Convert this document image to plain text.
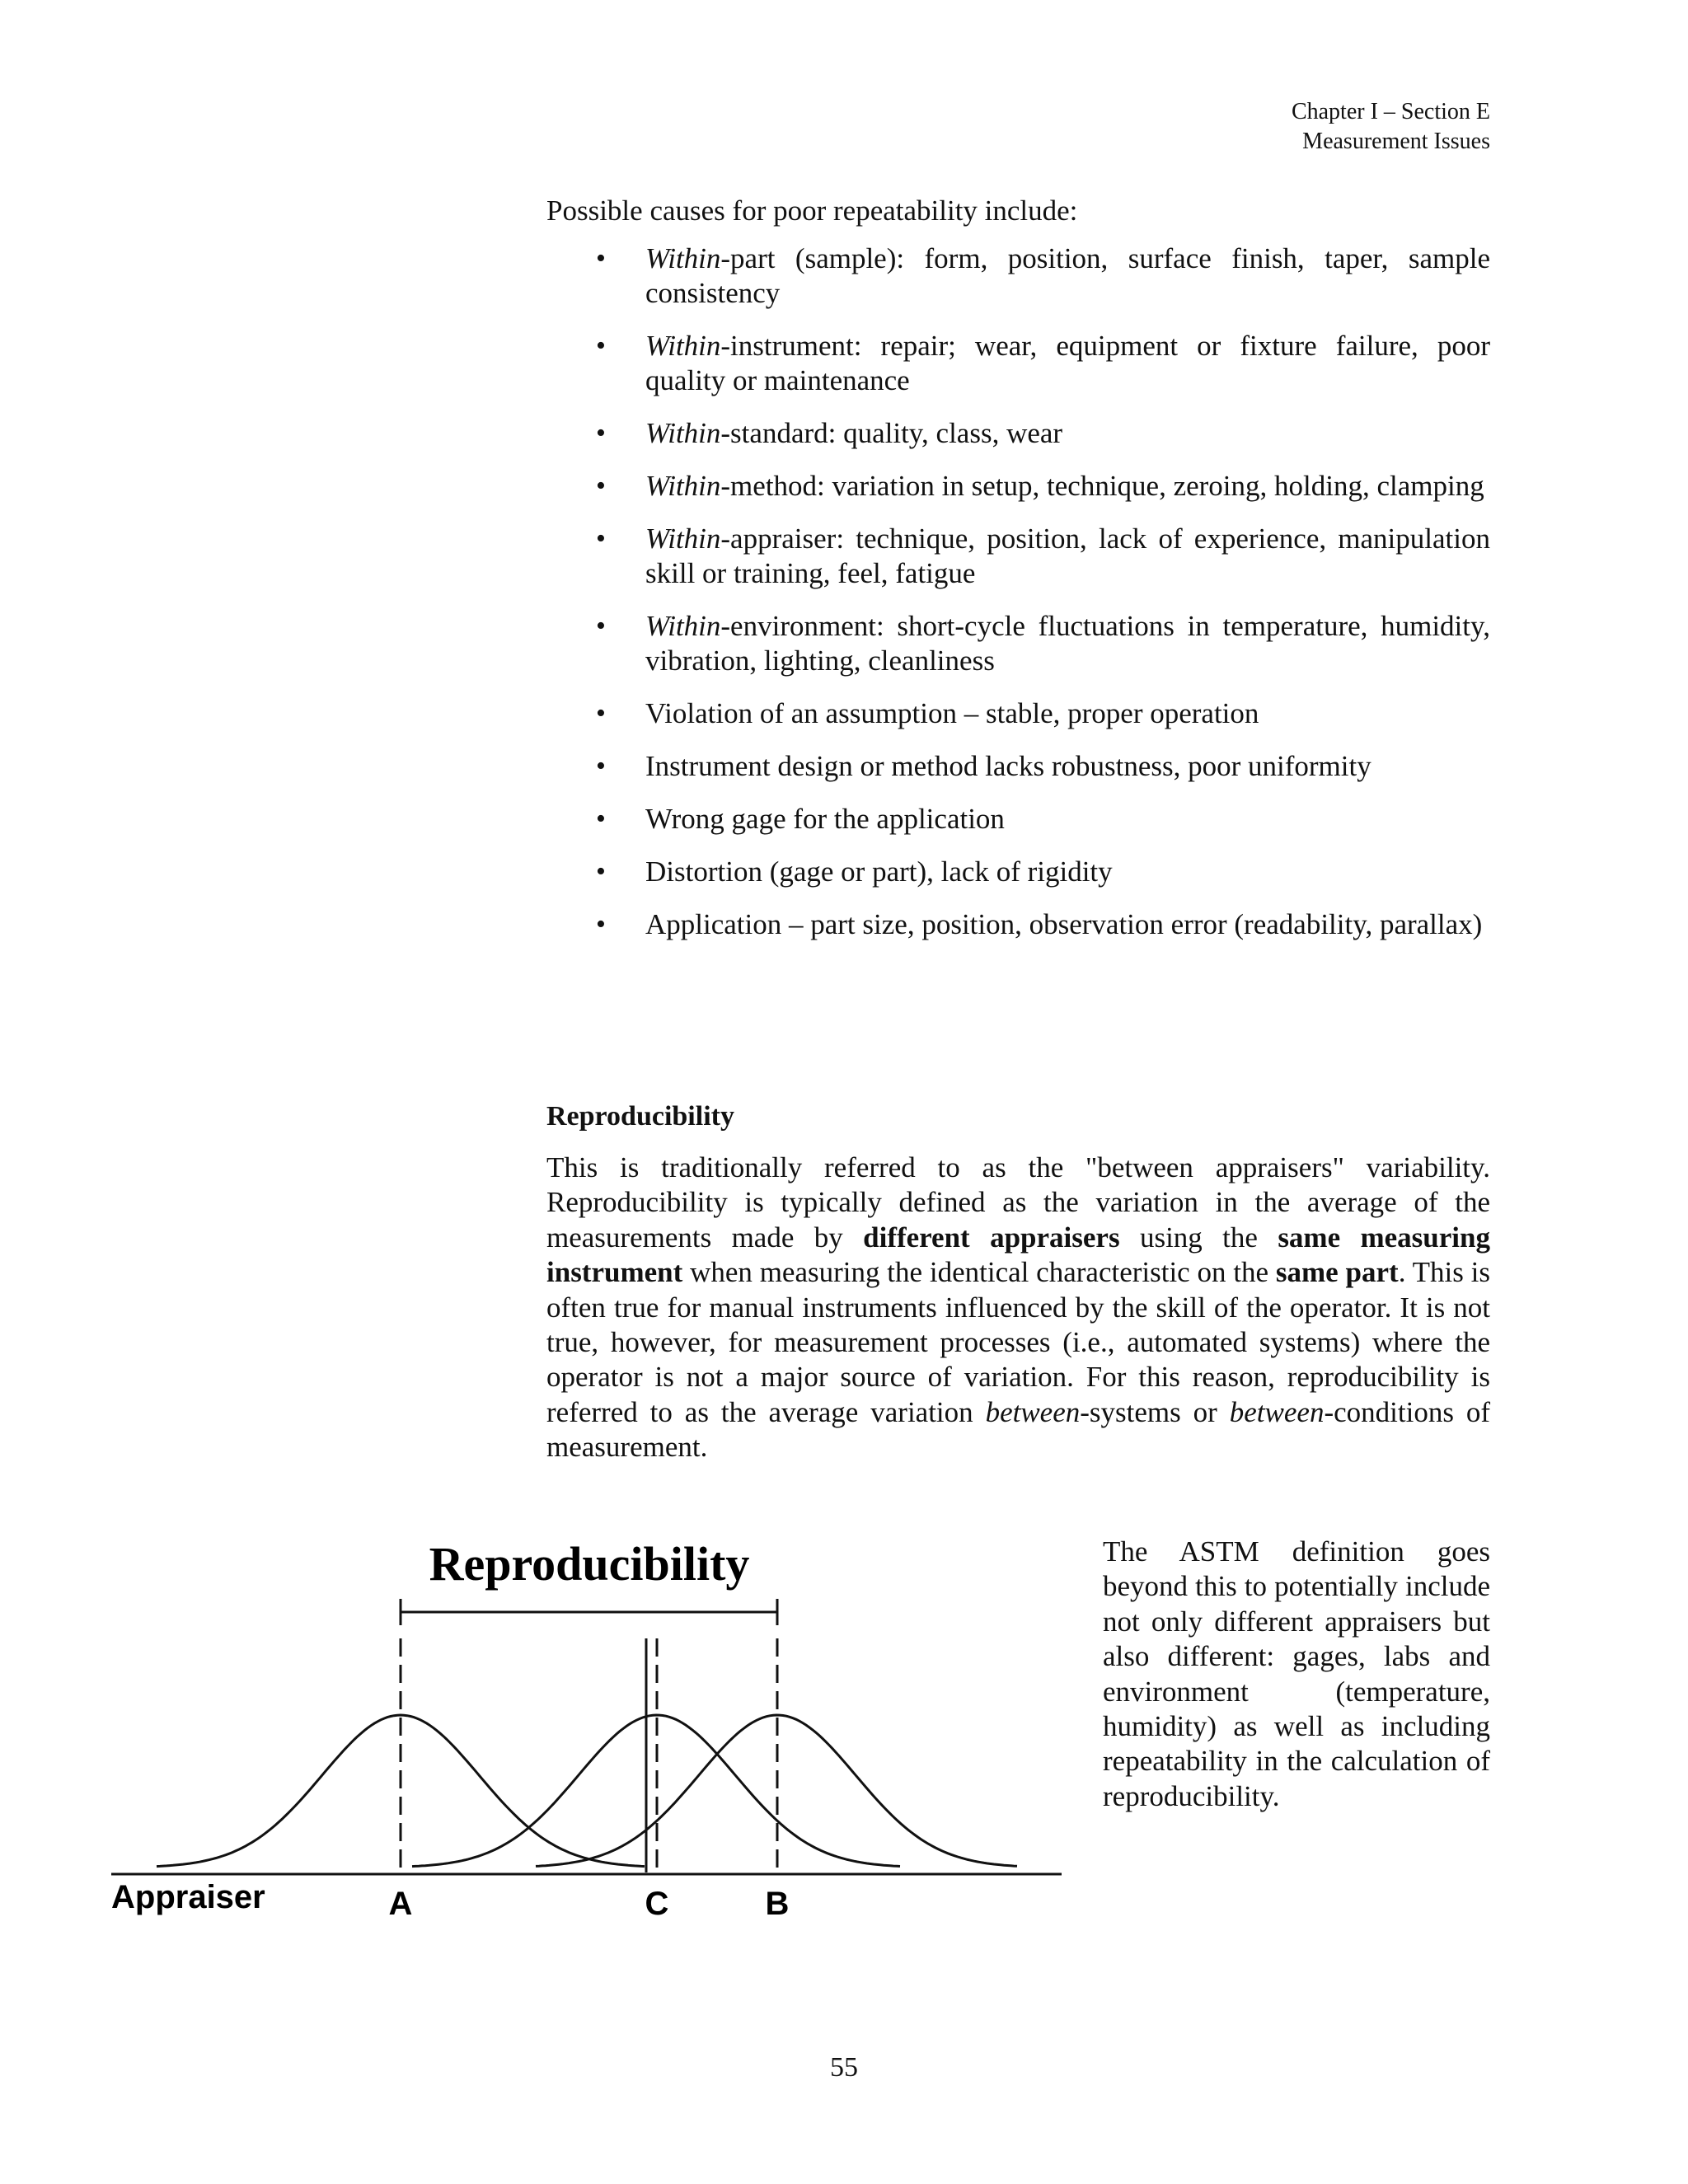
Chapter I – Section E
Measurement Issues

Possible causes for poor repeatability include:

• Within-part (sample): form, position, surface finish, taper, sample consistency
• Within-instrument: repair; wear, equipment or fixture failure, poor quality or maintenance
• Within-standard: quality, class, wear
• Within-method: variation in setup, technique, zeroing, holding, clamping
• Within-appraiser: technique, position, lack of experience, manipulation skill or training, feel, fatigue
• Within-environment: short-cycle fluctuations in temperature, humidity, vibration, lighting, cleanliness
• Violation of an assumption – stable, proper operation
• Instrument design or method lacks robustness, poor uniformity
• Wrong gage for the application
• Distortion (gage or part), lack of rigidity
• Application – part size, position, observation error (readability, parallax)
Reproducibility

This is traditionally referred to as the "between appraisers" variability. Reproducibility is typically defined as the variation in the average of the measurements made by different appraisers using the same measuring instrument when measuring the identical characteristic on the same part. This is often true for manual instruments influenced by the skill of the operator. It is not true, however, for measurement processes (i.e., automated systems) where the operator is not a major source of variation. For this reason, reproducibility is referred to as the average variation between-systems or between-conditions of measurement.

The ASTM definition goes beyond this to potentially include not only different appraisers but also different: gages, labs and environment (temperature, humidity) as well as including repeatability in the calculation of reproducibility.

Reproducibility
Appraiser	A	C	B
55
